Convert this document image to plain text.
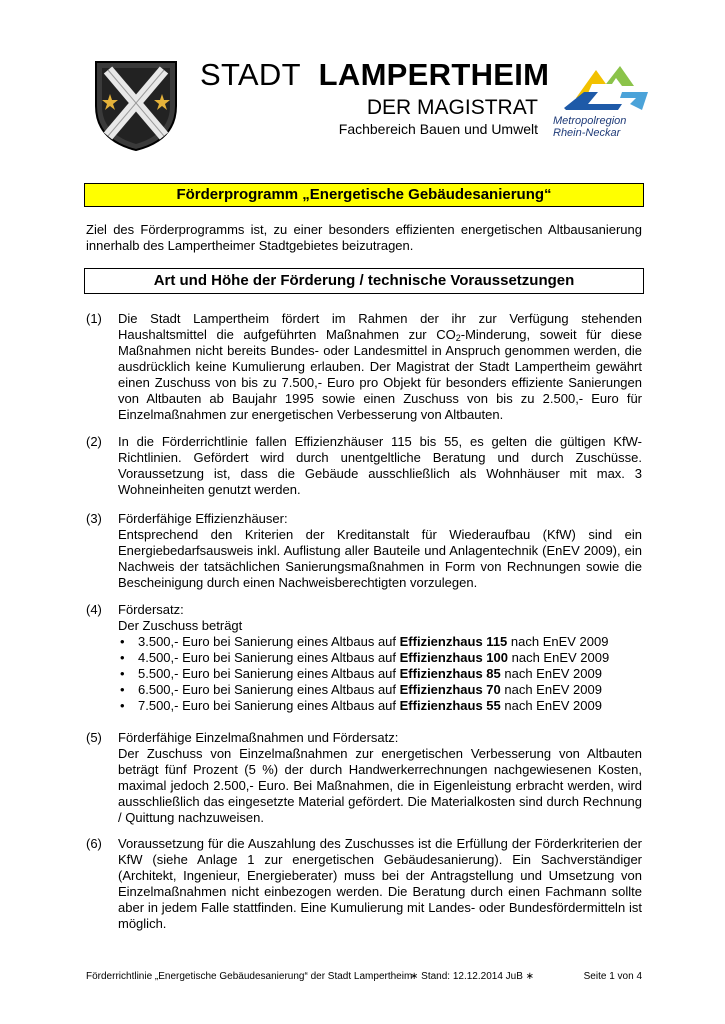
STADT LAMPERTHEIM
DER MAGISTRAT
Fachbereich Bauen und Umwelt Metropolregion
Rhein-Neckar
Förderprogramm „Energetische Gebäudesanierung“
Ziel des Förderprogramms ist, zu einer besonders effizienten energetischen Altbausanierung innerhalb des Lampertheimer Stadtgebietes beizutragen.
Art und Höhe der Förderung / technische Voraussetzungen
(1) Die Stadt Lampertheim fördert im Rahmen der ihr zur Verfügung stehenden Haushaltsmittel die aufgeführten Maßnahmen zur $CO_2$-Minderung, soweit für diese Maßnahmen nicht bereits Bundes- oder Landesmittel in Anspruch genommen werden, die ausdrücklich keine Kumulierung erlauben. Der Magistrat der Stadt Lampertheim gewährt einen Zuschuss von bis zu 7.500,- Euro pro Objekt für besonders effiziente Sanierungen von Altbauten ab Baujahr 1995 sowie einen Zuschuss von bis zu 2.500,- Euro für Einzelmaßnahmen zur energetischen Verbesserung von Altbauten.
(2) In die Förderrichtlinie fallen Effizienzhäuser 115 bis 55, es gelten die gültigen KfW-Richtlinien. Gefördert wird durch unentgeltliche Beratung und durch Zuschüsse. Voraussetzung ist, dass die Gebäude ausschließlich als Wohnhäuser mit max. 3 Wohneinheiten genutzt werden.
(3) Förderfähige Effizienzhäuser:
Entsprechend den Kriterien der Kreditanstalt für Wiederaufbau (KfW) sind ein Energiebedarfsausweis inkl. Auflistung aller Bauteile und Anlagentechnik (EnEV 2009), ein Nachweis der tatsächlichen Sanierungsmaßnahmen in Form von Rechnungen sowie die Bescheinigung durch einen Nachweisberechtigten vorzulegen.
(4) Fördersatz:
Der Zuschuss beträgt
• 3.500,- Euro bei Sanierung eines Altbaus auf Effizienzhaus 115 nach EnEV 2009
• 4.500,- Euro bei Sanierung eines Altbaus auf Effizienzhaus 100 nach EnEV 2009
• 5.500,- Euro bei Sanierung eines Altbaus auf Effizienzhaus 85 nach EnEV 2009
• 6.500,- Euro bei Sanierung eines Altbaus auf Effizienzhaus 70 nach EnEV 2009
• 7.500,- Euro bei Sanierung eines Altbaus auf Effizienzhaus 55 nach EnEV 2009
(5) Förderfähige Einzelmaßnahmen und Fördersatz:
Der Zuschuss von Einzelmaßnahmen zur energetischen Verbesserung von Altbauten beträgt fünf Prozent (5 %) der durch Handwerkerrechnungen nachgewiesenen Kosten, maximal jedoch 2.500,- Euro. Bei Maßnahmen, die in Eigenleistung erbracht werden, wird ausschließlich das eingesetzte Material gefördert. Die Materialkosten sind durch Rechnung / Quittung nachzuweisen.
(6) Voraussetzung für die Auszahlung des Zuschusses ist die Erfüllung der Förderkriterien der KfW (siehe Anlage 1 zur energetischen Gebäudesanierung). Ein Sachverständiger (Architekt, Ingenieur, Energieberater) muss bei der Antragstellung und Umsetzung von Einzelmaßnahmen nicht einbezogen werden. Die Beratung durch einen Fachmann sollte aber in jedem Falle stattfinden. Eine Kumulierung mit Landes- oder Bundesfördermitteln ist möglich.
Förderrichtlinie „Energetische Gebäudesanierung“ der Stadt Lampertheim
∗ Stand: 12.12.2014 JuB ∗	Seite 1 von 4
